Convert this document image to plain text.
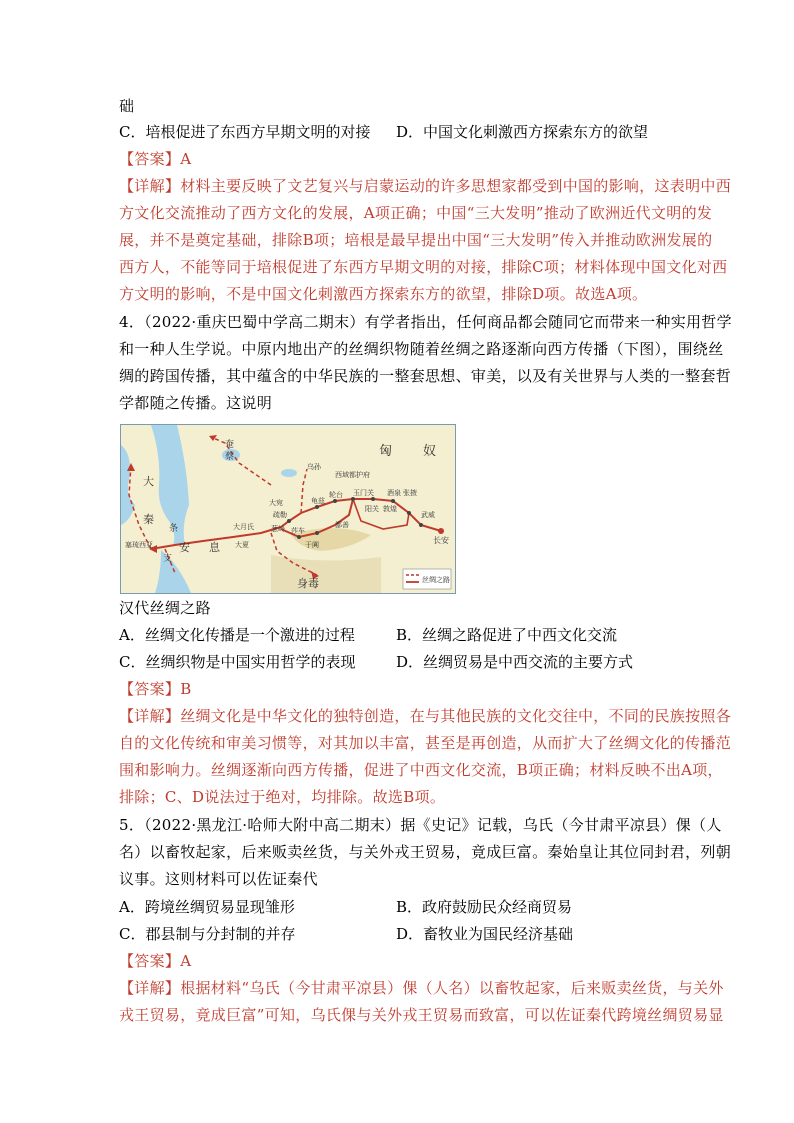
础
C．培根促进了东西方早期文明的对接 D．中国文化刺激西方探索东方的欲望
【答案】A
【详解】材料主要反映了文艺复兴与启蒙运动的许多思想家都受到中国的影响，这表明中西
方文化交流推动了西方文化的发展，A项正确；中国“三大发明”推动了欧洲近代文明的发
展，并不是奠定基础，排除B项；培根是最早提出中国“三大发明”传入并推动欧洲发展的
西方人，不能等同于培根促进了东西方早期文明的对接，排除C项；材料体现中国文化对西
方文明的影响，不是中国文化刺激西方探索东方的欲望，排除D项。故选A项。
4．（2022·重庆巴蜀中学高二期末）有学者指出，任何商品都会随同它而带来一种实用哲学
和一种人生学说。中原内地出产的丝绸织物随着丝绸之路逐渐向西方传播（下图），围绕丝
绸的跨国传播，其中蕴含的中华民族的一整套思想、审美，以及有关世界与人类的一整套哲
学都随之传播。这说明
匈 奴
奄
蔡
大
秦
条
支
安 息
塞琉西亚
大月氏
大夏
大宛
疏勒
葱岭
于阗
莎车
龟兹
轮台 玉门关
阳关 敦煌
酒泉 张掖
武威
长安
鄯善
西域都护府
乌孙
身毒	丝绸之路
汉代丝绸之路
A．丝绸文化传播是一个激进的过程	B．丝绸之路促进了中西文化交流
C．丝绸织物是中国实用哲学的表现	D．丝绸贸易是中西交流的主要方式
【答案】B
【详解】丝绸文化是中华文化的独特创造，在与其他民族的文化交往中，不同的民族按照各
自的文化传统和审美习惯等，对其加以丰富，甚至是再创造，从而扩大了丝绸文化的传播范
围和影响力。丝绸逐渐向西方传播，促进了中西文化交流，B项正确；材料反映不出A项，
排除；C、D说法过于绝对，均排除。故选B项。
5．（2022·黑龙江·哈师大附中高二期末）据《史记》记载，乌氏（今甘肃平凉县）倮（人
名）以畜牧起家，后来贩卖丝货，与关外戎王贸易，竟成巨富。秦始皇让其位同封君，列朝
议事。这则材料可以佐证秦代
A．跨境丝绸贸易显现雏形	B．政府鼓励民众经商贸易
C．郡县制与分封制的并存	D．畜牧业为国民经济基础
【答案】A
【详解】根据材料“乌氏（今甘肃平凉县）倮（人名）以畜牧起家，后来贩卖丝货，与关外
戎王贸易，竟成巨富”可知，乌氏倮与关外戎王贸易而致富，可以佐证秦代跨境丝绸贸易显
